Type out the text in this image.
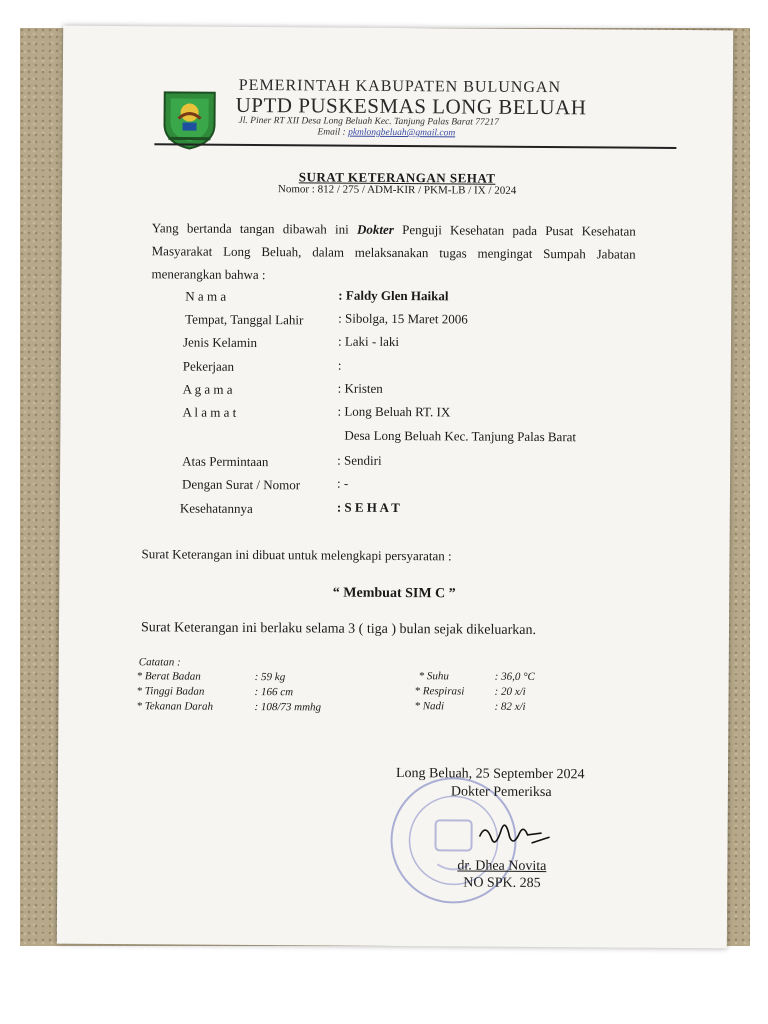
PEMERINTAH KABUPATEN BULUNGAN
UPTD PUSKESMAS LONG BELUAH
Jl. Piner RT XII Desa Long Beluah Kec. Tanjung Palas Barat 77217
Email : pkmlongbeluah@gmail.com
SURAT KETERANGAN SEHAT
Nomor : 812 / 275 / ADM-KIR / PKM-LB / IX / 2024
Yang bertanda tangan dibawah ini Dokter Penguji Kesehatan pada Pusat Kesehatan Masyarakat Long Beluah, dalam melaksanakan tugas mengingat Sumpah Jabatan menerangkan bahwa :
N a m a	: Faldy Glen Haikal
Tempat, Tanggal Lahir	: Sibolga, 15 Maret 2006
Jenis Kelamin	: Laki - laki
Pekerjaan	:
A g a m a	: Kristen
A l a m a t	: Long Beluah RT. IX
Desa Long Beluah Kec. Tanjung Palas Barat
Atas Permintaan	: Sendiri
Dengan Surat / Nomor	: -
Kesehatannya	: S E H A T
Surat Keterangan ini dibuat untuk melengkapi persyaratan :
“ Membuat SIM C ”
Surat Keterangan ini berlaku selama 3 ( tiga ) bulan sejak dikeluarkan.
Catatan :
* Berat Badan	: 59 kg
* Tinggi Badan	: 166 cm
* Tekanan Darah	: 108/73 mmhg
* Suhu	: 36,0 °C
* Respirasi	: 20 x/i
* Nadi	: 82 x/i
Long Beluah, 25 September 2024
Dokter Pemeriksa
dr. Dhea Novita
NO SPK. 285
